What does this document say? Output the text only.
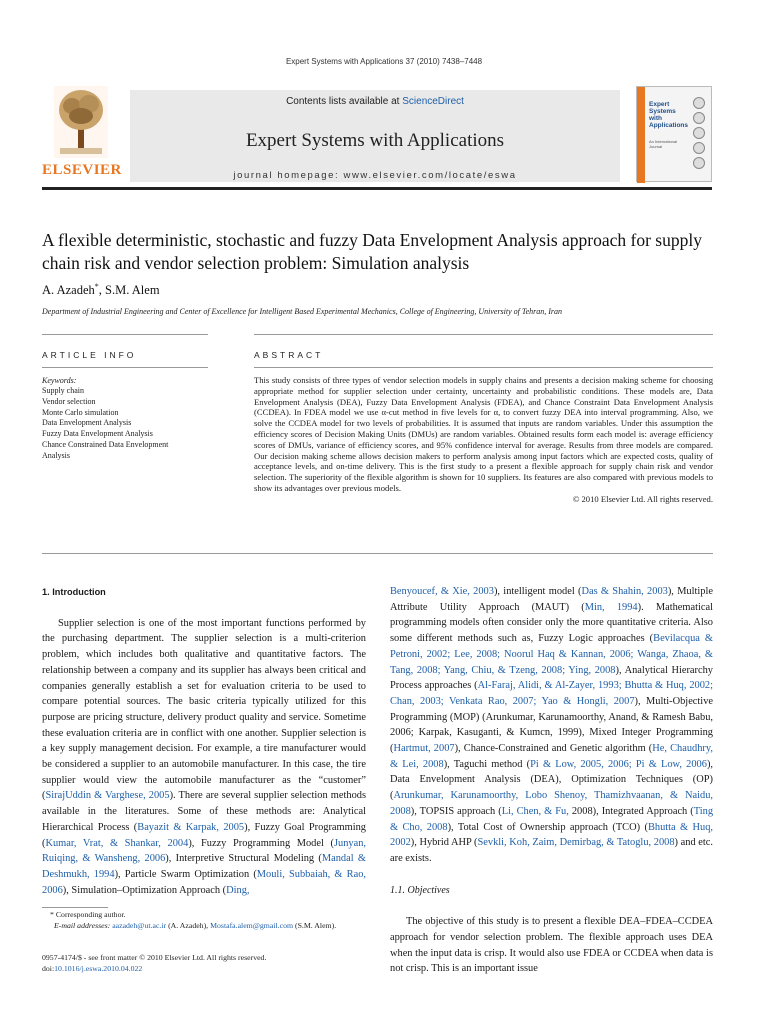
Expert Systems with Applications 37 (2010) 7438–7448
ELSEVIER
Contents lists available at ScienceDirect
Expert Systems with Applications
journal homepage: www.elsevier.com/locate/eswa
Expert Systems with Applications
An International Journal
A flexible deterministic, stochastic and fuzzy Data Envelopment Analysis approach for supply chain risk and vendor selection problem: Simulation analysis
A. Azadeh*, S.M. Alem
Department of Industrial Engineering and Center of Excellence for Intelligent Based Experimental Mechanics, College of Engineering, University of Tehran, Iran
ARTICLE INFO	ABSTRACT
Keywords:
Supply chain
Vendor selection
Monte Carlo simulation
Data Envelopment Analysis
Fuzzy Data Envelopment Analysis
Chance Constrained Data Envelopment
Analysis
This study consists of three types of vendor selection models in supply chains and presents a decision making scheme for choosing appropriate method for supplier selection under certainty, uncertainty and probabilistic conditions. These models are, Data Envelopment Analysis (DEA), Fuzzy Data Envelopment Analysis (FDEA), and Chance Constraint Data Envelopment Analysis (CCDEA). In FDEA model we use α-cut method in five levels for α, to convert fuzzy DEA into interval programming. Also, we solve the CCDEA model for two levels of probabilities. It is assumed that inputs are random variables. Under this assumption the efficiency scores of Decision Making Units (DMUs) are random variables. Obtained results form each model is: average efficiency scores of DMUs, variance of efficiency scores, and 95% confidence interval for average. Results from three models are compared. Our decision making scheme allows decision makers to perform analysis among input factors which are expected costs, quality of acceptance levels, and on-time delivery. This is the first study to a present a flexible approach for supply chain risk and vendor selection. The superiority of the flexible algorithm is shown for 10 suppliers. Its features are also compared with previous models to show its advantages over previous models.
© 2010 Elsevier Ltd. All rights reserved.
1. Introduction

Supplier selection is one of the most important functions performed by the purchasing department. The supplier selection is a multi-criterion problem, which includes both qualitative and quantitative factors. The relationship between a company and its supplier has always been critical and companies generally establish a set for evaluation criteria to be used to compare potential sources. The basic criteria typically utilized for this purpose are pricing structure, delivery product quality and service. Sometime these evaluation criteria are in conflict with one another. Supplier selection is a key supply management decision. For example, a tire manufacturer would be considered a supplier to an automobile manufacturer. In this case, the tire supplier would view the automobile manufacturer as the “customer” (SirajUddin & Varghese, 2005). There are several supplier selection methods available in the literatures. Some of these methods are: Analytical Hierarchical Process (Bayazit & Karpak, 2005), Fuzzy Goal Programming (Kumar, Vrat, & Shankar, 2004), Fuzzy Programming Model (Junyan, Ruiqing, & Wansheng, 2006), Interpretive Structural Modeling (Mandal & Deshmukh, 1994), Particle Swarm Optimization (Mouli, Subbaiah, & Rao, 2006), Simulation–Optimization Approach (Ding,

Benyoucef, & Xie, 2003), intelligent model (Das & Shahin, 2003), Multiple Attribute Utility Approach (MAUT) (Min, 1994). Mathematical programming models often consider only the more quantitative criteria. Also some different methods such as, Fuzzy Logic approaches (Bevilacqua & Petroni, 2002; Lee, 2008; Noorul Haq & Kannan, 2006; Wanga, Zhaoa, & Tang, 2008; Yang, Chiu, & Tzeng, 2008; Ying, 2008), Analytical Hierarchy Process approaches (Al-Faraj, Alidi, & Al-Zayer, 1993; Bhutta & Huq, 2002; Chan, 2003; Venkata Rao, 2007; Yao & Hongli, 2007), Multi-Objective Programming (MOP) (Arunkumar, Karunamoorthy, Anand, & Ramesh Babu, 2006; Karpak, Kasuganti, & Kumcn, 1999), Mixed Integer Programming (Hartmut, 2007), Chance-Constrained and Genetic algorithm (He, Chaudhry, & Lei, 2008), Taguchi method (Pi & Low, 2005, 2006; Pi & Low, 2006), Data Envelopment Analysis (DEA), Optimization Techniques (OP) (Arunkumar, Karunamoorthy, Lobo Shenoy, Thamizhvaanan, & Naidu, 2008), TOPSIS approach (Li, Chen, & Fu, 2008), Integrated Approach (Ting & Cho, 2008), Total Cost of Ownership approach (TCO) (Bhutta & Huq, 2002), Hybrid AHP (Sevkli, Koh, Zaim, Demirbag, & Tatoglu, 2008) and etc. are exists.

1.1. Objectives

The objective of this study is to present a flexible DEA–FDEA–CCDEA approach for vendor selection problem. The flexible approach uses DEA when the input data is crisp. It would also use FDEA or CCDEA when data is not crisp. This is an important issue

* Corresponding author.
E-mail addresses: aazadeh@ut.ac.ir (A. Azadeh), Mostafa.alem@gmail.com (S.M. Alem).
0957-4174/$ - see front matter © 2010 Elsevier Ltd. All rights reserved.
doi:10.1016/j.eswa.2010.04.022
